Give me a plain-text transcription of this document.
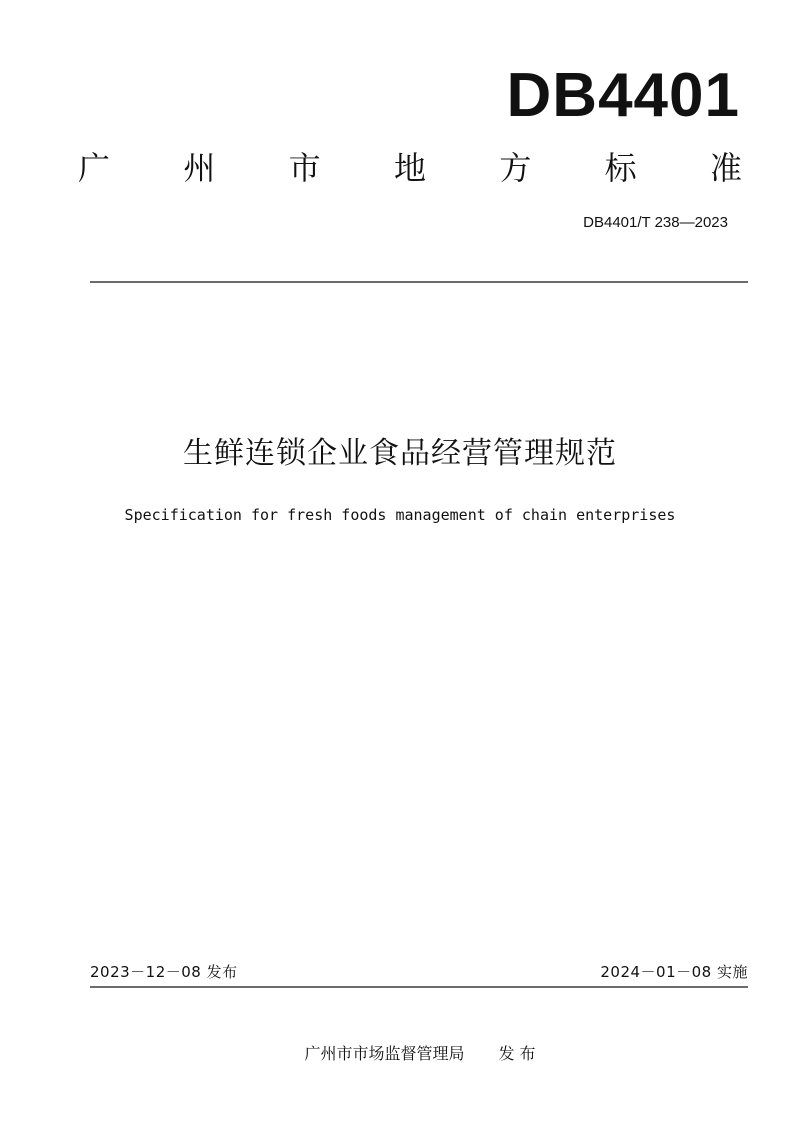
DB4401
广 州 市 地 方 标 准
DB4401/T 238—2023
生鲜连锁企业食品经营管理规范
Specification for fresh foods management of chain enterprises
2023－12－08 发布	2024－01－08 实施
广州市市场监督管理局 发 布
